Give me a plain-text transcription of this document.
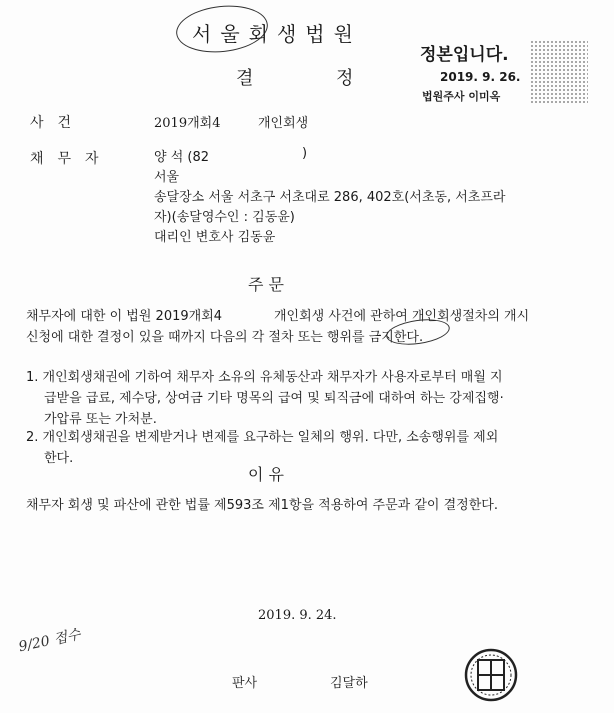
서울회생법원
결	정
정본입니다.
2019. 9. 26.
법원주사 이미옥
사건	2019개회4	개인회생
채무자	양 석 (82	)
서울
송달장소 서울 서초구 서초대로 286, 402호(서초동, 서초프라
자)(송달영수인 : 김동윤)
대리인 변호사 김동윤
주 문
채무자에 대한 이 법원 2019개회4	개인회생 사건에 관하여 개인회생절차의 개시
신청에 대한 결정이 있을 때까지 다음의 각 절차 또는 행위를 금지한다.
1. 개인회생채권에 기하여 채무자 소유의 유체동산과 채무자가 사용자로부터 매월 지
급받을 급료, 제수당, 상여금 기타 명목의 급여 및 퇴직금에 대하여 하는 강제집행·
가압류 또는 가처분.
2. 개인회생채권을 변제받거나 변제를 요구하는 일체의 행위. 다만, 소송행위를 제외
한다.
이 유
채무자 회생 및 파산에 관한 법률 제593조 제1항을 적용하여 주문과 같이 결정한다.
2019. 9. 24.
9/20 접수
판사	김달하
